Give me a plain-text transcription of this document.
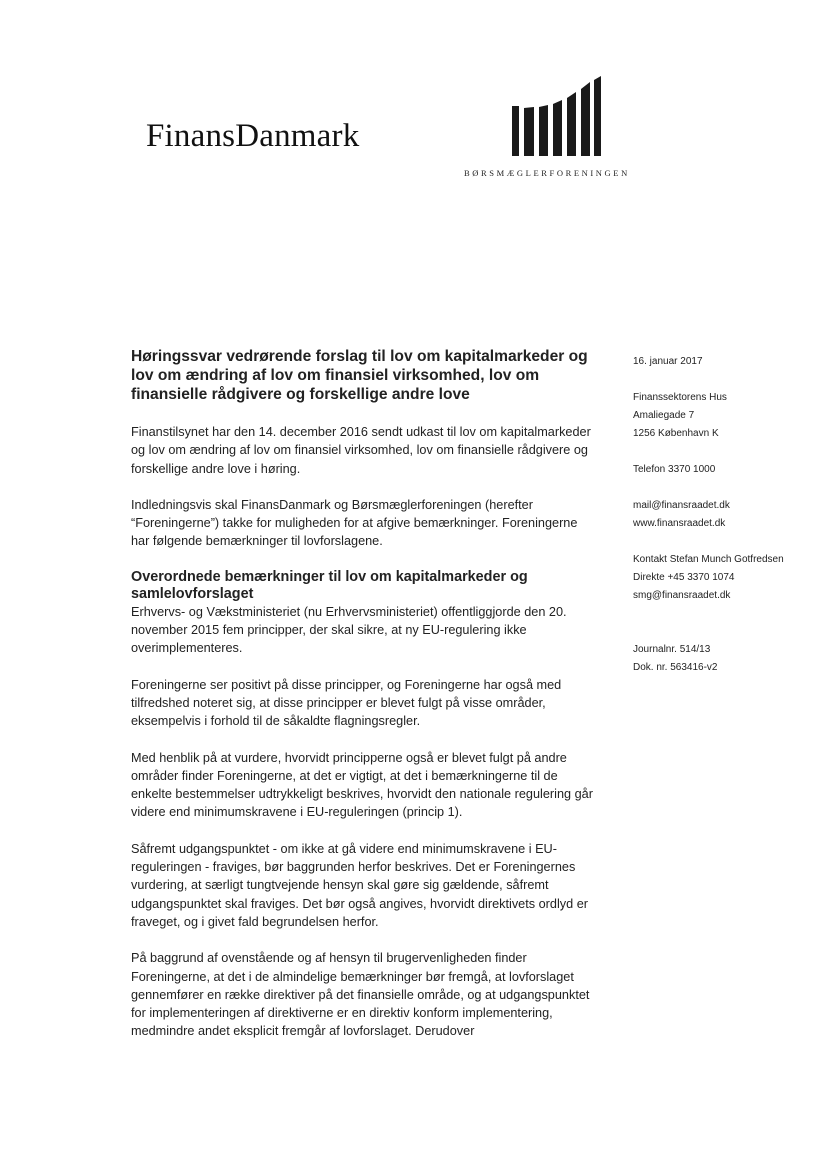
FinansDanmark
BØRSMÆGLERFORENINGEN
Høringssvar vedrørende forslag til lov om kapitalmarkeder og lov om ændring af lov om finansiel virksomhed, lov om finansielle rådgivere og forskellige andre love
Finanstilsynet har den 14. december 2016 sendt udkast til lov om kapitalmarkeder og lov om ændring af lov om finansiel virksomhed, lov om finansielle rådgivere og forskellige andre love i høring.
Indledningsvis skal FinansDanmark og Børsmæglerforeningen (herefter “Foreningerne”) takke for muligheden for at afgive bemærkninger. Foreningerne har følgende bemærkninger til lovforslagene.
Overordnede bemærkninger til lov om kapitalmarkeder og samlelovforslaget
Erhvervs- og Vækstministeriet (nu Erhvervsministeriet) offentliggjorde den 20. november 2015 fem principper, der skal sikre, at ny EU-regulering ikke overimplementeres.
Foreningerne ser positivt på disse principper, og Foreningerne har også med tilfredshed noteret sig, at disse principper er blevet fulgt på visse områder, eksempelvis i forhold til de såkaldte flagningsregler.
Med henblik på at vurdere, hvorvidt principperne også er blevet fulgt på andre områder finder Foreningerne, at det er vigtigt, at det i bemærkningerne til de enkelte bestemmelser udtrykkeligt beskrives, hvorvidt den nationale regulering går videre end minimumskravene i EU-reguleringen (princip 1).
Såfremt udgangspunktet - om ikke at gå videre end minimumskravene i EU-reguleringen - fraviges, bør baggrunden herfor beskrives. Det er Foreningernes vurdering, at særligt tungtvejende hensyn skal gøre sig gældende, såfremt udgangspunktet skal fraviges. Det bør også angives, hvorvidt direktivets ordlyd er fraveget, og i givet fald begrundelsen herfor.
På baggrund af ovenstående og af hensyn til brugervenligheden finder Foreningerne, at det i de almindelige bemærkninger bør fremgå, at lovforslaget gennemfører en række direktiver på det finansielle område, og at udgangspunktet for implementeringen af direktiverne er en direktiv konform implementering, medmindre andet eksplicit fremgår af lovforslaget. Derudover
16. januar 2017
Finanssektorens Hus
Amaliegade 7
1256 København K
Telefon 3370 1000
mail@finansraadet.dk
www.finansraadet.dk
Kontakt Stefan Munch Gotfredsen
Direkte +45 3370 1074
smg@finansraadet.dk
Journalnr. 514/13
Dok. nr. 563416-v2
